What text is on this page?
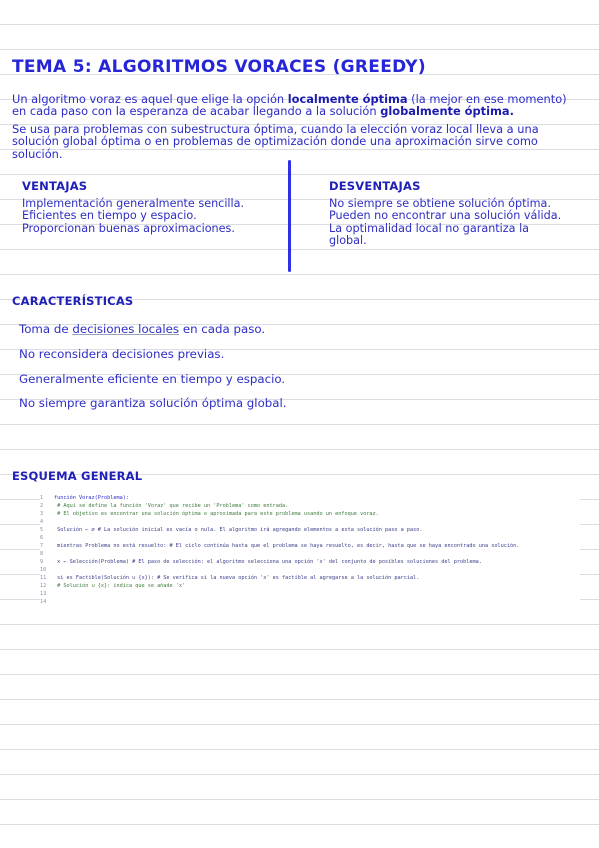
TEMA 5: ALGORITMOS VORACES (GREEDY)
Un algoritmo voraz es aquel que elige la opción localmente óptima (la mejor en ese momento) en cada paso con la esperanza de acabar llegando a la solución globalmente óptima.
Se usa para problemas con subestructura óptima, cuando la elección voraz local lleva a una solución global óptima o en problemas de optimización donde una aproximación sirve como solución.
VENTAJAS
Implementación generalmente sencilla.
Eficientes en tiempo y espacio.
Proporcionan buenas aproximaciones.
DESVENTAJAS
No siempre se obtiene solución óptima.
Pueden no encontrar una solución válida.
La optimalidad local no garantiza la global.
CARACTERÍSTICAS
Toma de decisiones locales en cada paso.
No reconsidera decisiones previas.
Generalmente eficiente en tiempo y espacio.
No siempre garantiza solución óptima global.
ESQUEMA GENERAL
1 función Voraz(Problema):
2 # Aquí se define la función 'Voraz' que recibe un 'Problema' como entrada.
3 # El objetivo es encontrar una solución óptima o aproximada para este problema usando un enfoque voraz.
4
5 Solución ← ∅ # La solución inicial es vacía o nula. El algoritmo irá agregando elementos a esta solución paso a paso.
6
7 mientras Problema no está resuelto: # El ciclo continúa hasta que el problema se haya resuelto, es decir, hasta que se haya encontrado una solución.
8
9 x ← Selección(Problema) # El paso de selección: el algoritmo selecciona una opción 'x' del conjunto de posibles soluciones del problema.
10
11 si es Factible(Solución ∪ {x}): # Se verifica si la nueva opción 'x' es factible al agregarse a la solución parcial.
12 # Solución ∪ {x}: indica que se añade 'x'
13
14
